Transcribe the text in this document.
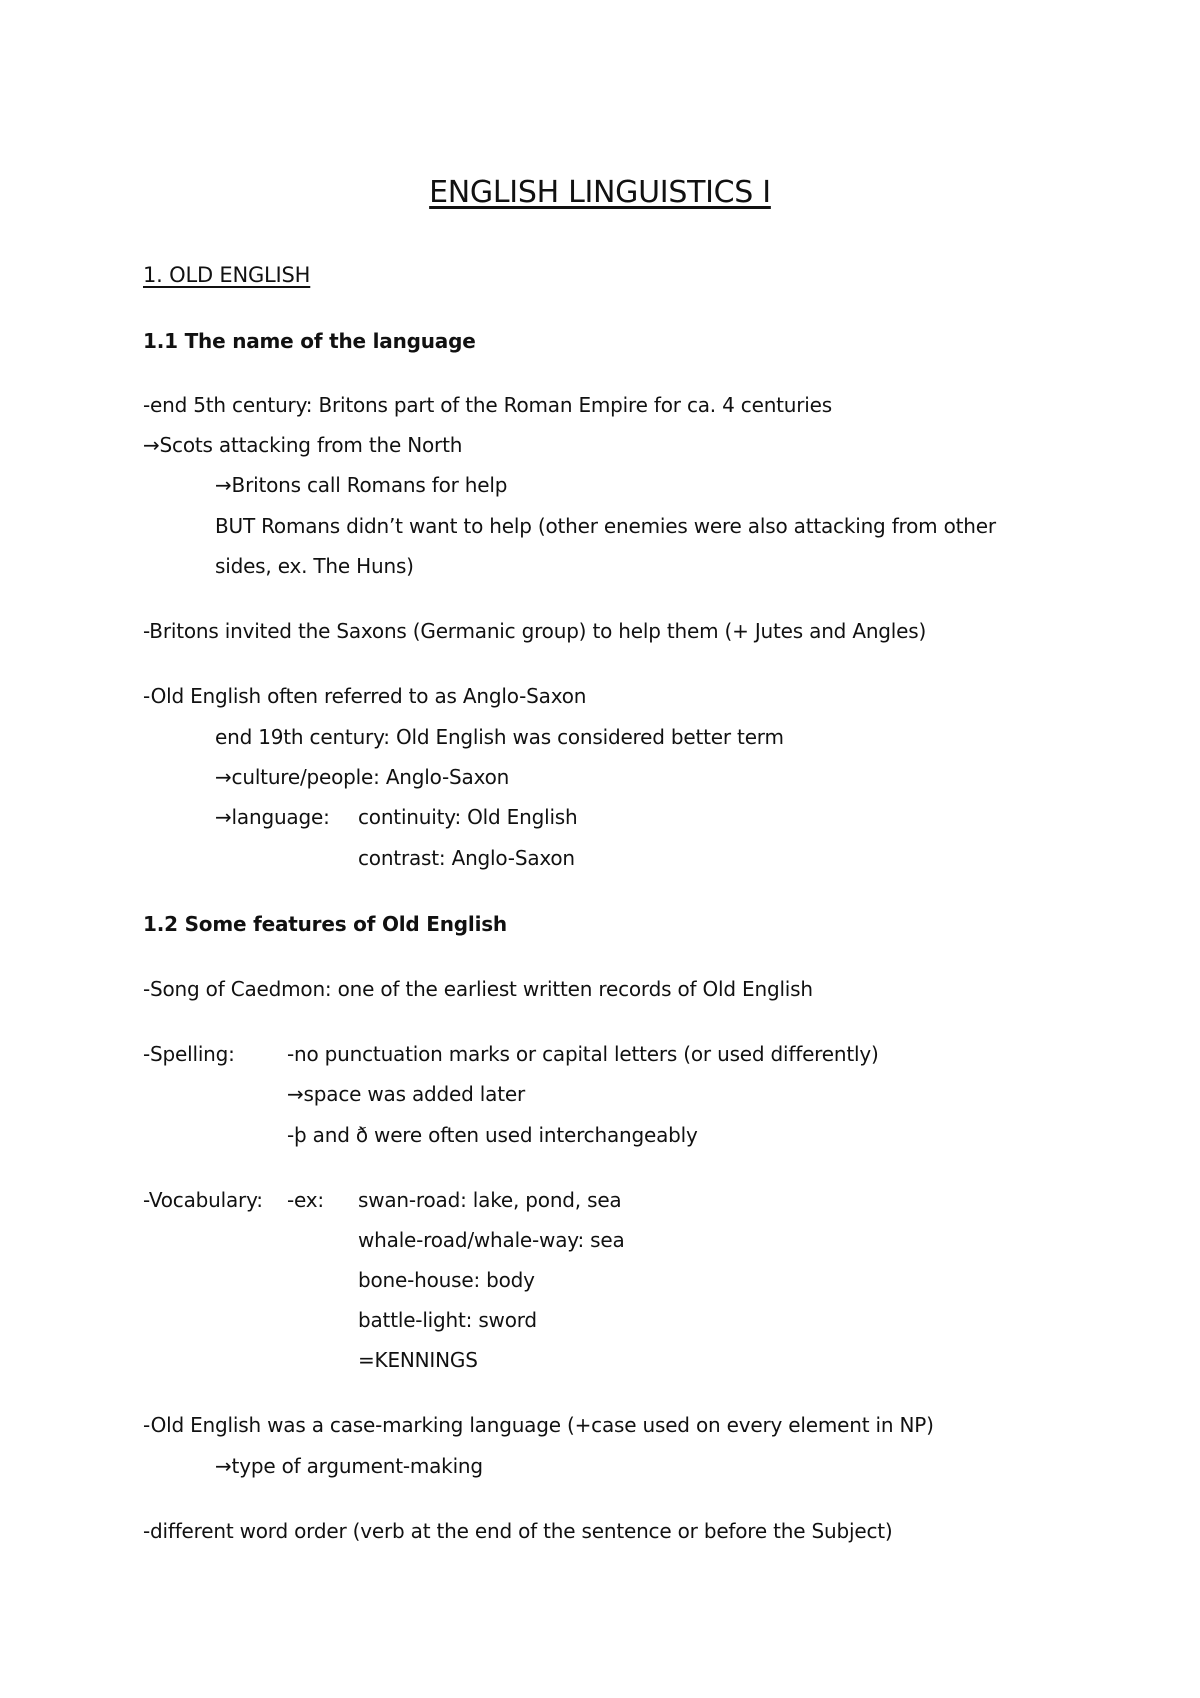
ENGLISH LINGUISTICS I
1. OLD ENGLISH
1.1 The name of the language
-end 5th century: Britons part of the Roman Empire for ca. 4 centuries
→Scots attacking from the North
→Britons call Romans for help
BUT Romans didn’t want to help (other enemies were also attacking from other
sides, ex. The Huns)
-Britons invited the Saxons (Germanic group) to help them (+ Jutes and Angles)
-Old English often referred to as Anglo-Saxon
end 19th century: Old English was considered better term
→culture/people: Anglo-Saxon
→language: continuity: Old English
contrast: Anglo-Saxon
1.2 Some features of Old English
-Song of Caedmon: one of the earliest written records of Old English
-Spelling:	-no punctuation marks or capital letters (or used differently)
→space was added later
-þ and ð were often used interchangeably
-Vocabulary: -ex: swan-road: lake, pond, sea
whale-road/whale-way: sea
bone-house: body
battle-light: sword
=KENNINGS
-Old English was a case-marking language (+case used on every element in NP)
→type of argument-making
-different word order (verb at the end of the sentence or before the Subject)
